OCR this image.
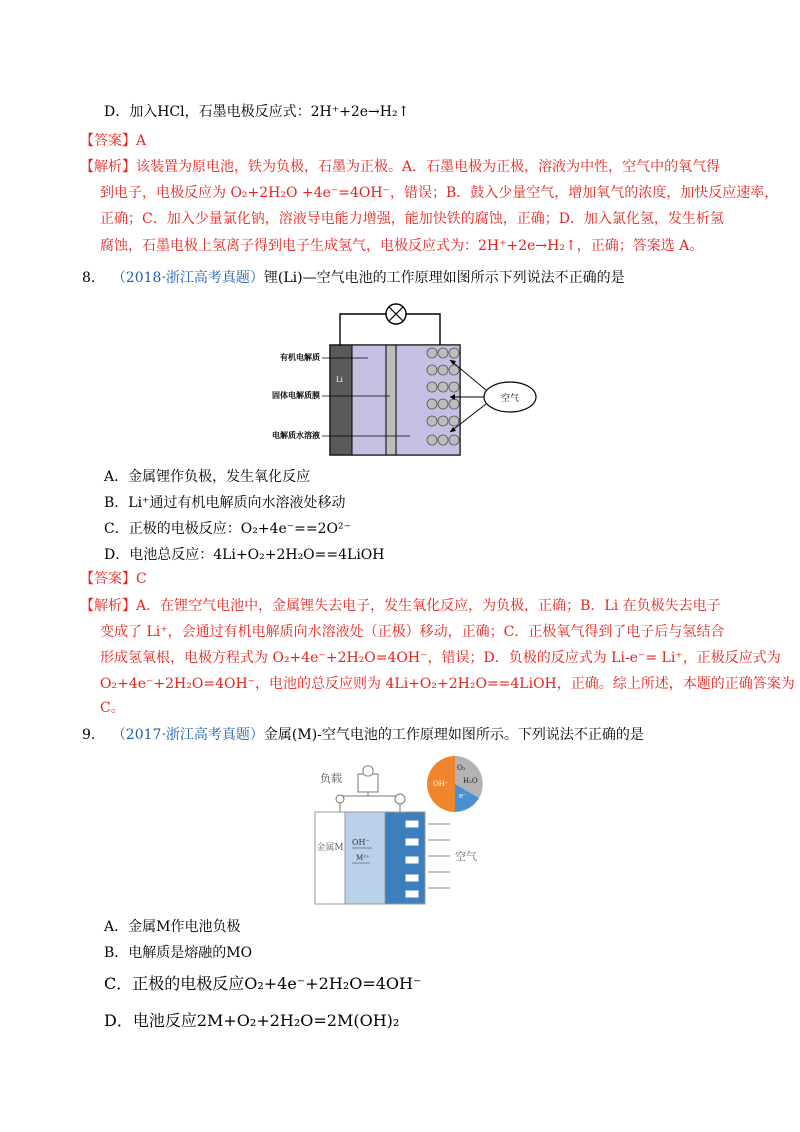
D．加入HCl，石墨电极反应式：2H⁺+2e→H₂↑
【答案】A
【解析】该装置为原电池，铁为负极，石墨为正极。A．石墨电极为正极，溶液为中性，空气中的氧气得
到电子，电极反应为 O₂+2H₂O +4e⁻=4OH⁻，错误；B．鼓入少量空气，增加氧气的浓度，加快反应速率，
正确；C．加入少量氯化钠，溶液导电能力增强，能加快铁的腐蚀，正确；D．加入氯化氢，发生析氢
腐蚀，石墨电极上氢离子得到电子生成氢气，电极反应式为：2H⁺+2e→H₂↑，正确；答案选 A。
8. （2018·浙江高考真题）锂(Li)—空气电池的工作原理如图所示下列说法不正确的是
有机电解质
固体电解质膜
电解质水溶液
Li
空气
A．金属锂作负极，发生氧化反应
B．Li⁺通过有机电解质向水溶液处移动
C．正极的电极反应：O₂+4e⁻==2O²⁻
D．电池总反应：4Li+O₂+2H₂O==4LiOH
【答案】C
【解析】A．在锂空气电池中，金属锂失去电子，发生氧化反应，为负极，正确；B．Li 在负极失去电子
变成了 Li⁺，会通过有机电解质向水溶液处（正极）移动，正确；C．正极氧气得到了电子后与氢结合
形成氢氧根，电极方程式为 O₂+4e⁻+2H₂O=4OH⁻，错误；D．负极的反应式为 Li-e⁻= Li⁺，正极反应式为
O₂+4e⁻+2H₂O=4OH⁻，电池的总反应则为 4Li+O₂+2H₂O==4LiOH，正确。综上所述，本题的正确答案为
C。
9. （2017·浙江高考真题）金属(M)-空气电池的工作原理如图所示。下列说法不正确的是
负载
金属M
OH⁻
M²⁺	空气
OH⁻
O₂
H₂O
e⁻
A．金属M作电池负极
B．电解质是熔融的MO
C．正极的电极反应O₂+4e⁻+2H₂O=4OH⁻
D．电池反应2M+O₂+2H₂O=2M(OH)₂
